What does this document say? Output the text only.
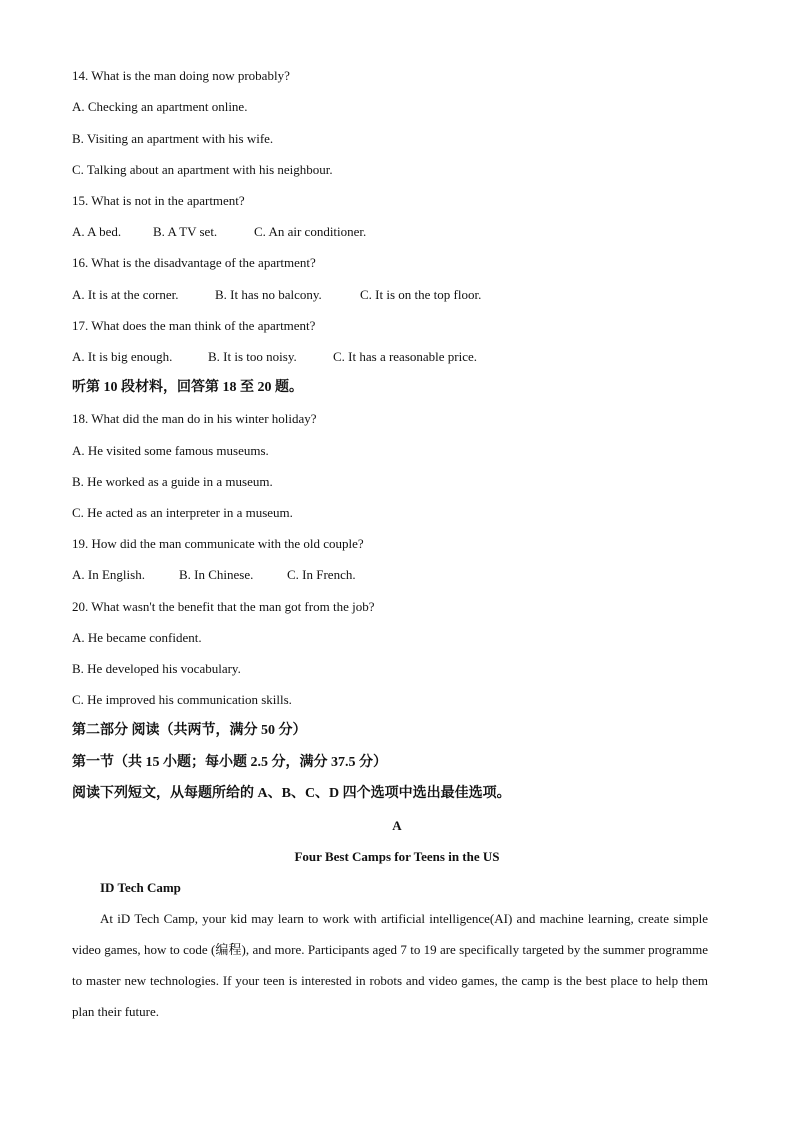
14. What is the man doing now probably?
A. Checking an apartment online.
B. Visiting an apartment with his wife.
C. Talking about an apartment with his neighbour.
15. What is not in the apartment?
A. A bed. B. A TV set.	C. An air conditioner.
16. What is the disadvantage of the apartment?
A. It is at the corner.	B. It has no balcony.	C. It is on the top floor.
17. What does the man think of the apartment?
A. It is big enough.	B. It is too noisy.	C. It has a reasonable price.
听第 10 段材料，回答第 18 至 20 题。
18. What did the man do in his winter holiday?
A. He visited some famous museums.
B. He worked as a guide in a museum.
C. He acted as an interpreter in a museum.
19. How did the man communicate with the old couple?
A. In English.	B. In Chinese.	C. In French.
20. What wasn't the benefit that the man got from the job?
A. He became confident.
B. He developed his vocabulary.
C. He improved his communication skills.
第二部分 阅读（共两节，满分 50 分）
第一节（共 15 小题；每小题 2.5 分，满分 37.5 分）
阅读下列短文，从每题所给的 A、B、C、D 四个选项中选出最佳选项。
A
Four Best Camps for Teens in the US
ID Tech Camp
At iD Tech Camp, your kid may learn to work with artificial intelligence(AI) and machine learning, create simple video games, how to code (编程), and more. Participants aged 7 to 19 are specifically targeted by the summer programme to master new technologies. If your teen is interested in robots and video games, the camp is the best place to help them plan their future.
